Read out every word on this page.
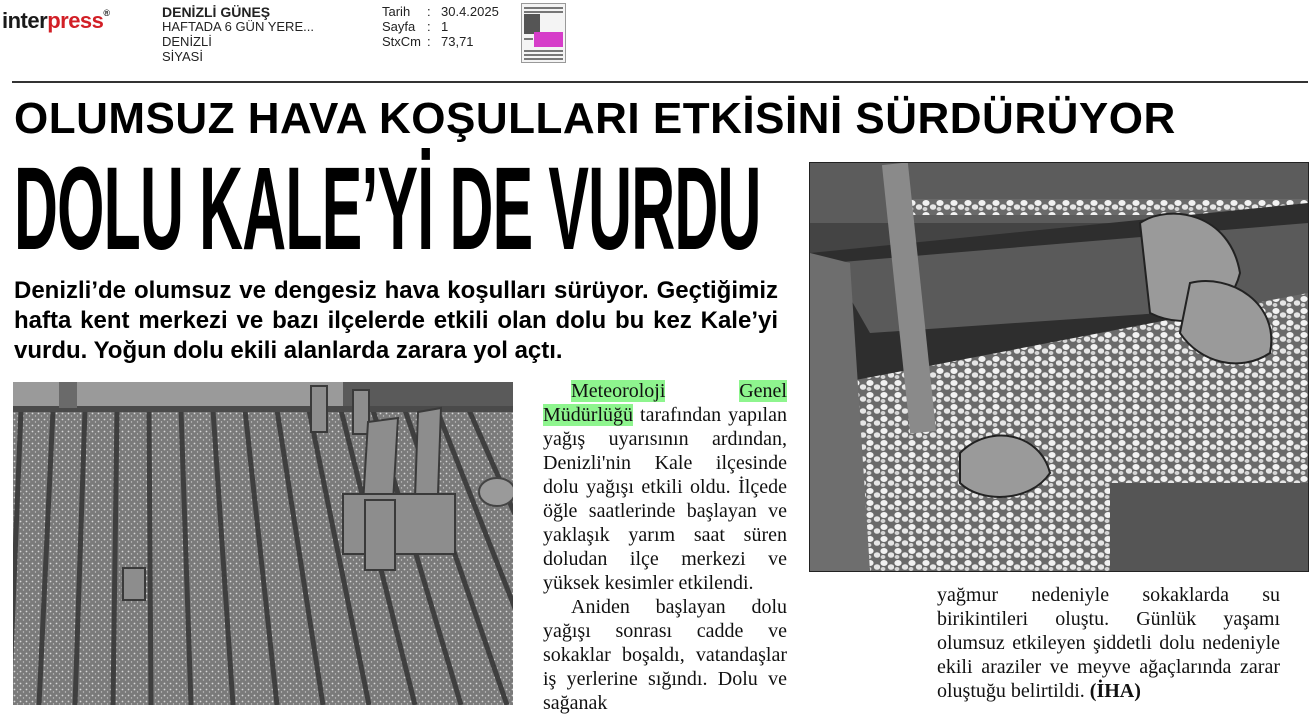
interpress®	DENİZLİ GÜNEŞ
HAFTADA 6 GÜN YERE...
DENİZLİ
SİYASİ
Tarih : 30.4.2025
Sayfa : 1
StxCm : 73,71
OLUMSUZ HAVA KOŞULLARI ETKİSİNİ SÜRDÜRÜYOR
DOLU KALE’Yİ DE VURDU
Denizli’de olumsuz ve dengesiz hava koşulları sürüyor. Geçtiğimiz hafta kent merkezi ve bazı ilçelerde etkili olan dolu bu kez Kale’yi vurdu. Yoğun dolu ekili alanlarda zarara yol açtı.

Meteoroloji	Genel Müdürlüğü tarafından yapılan yağış uyarısının ardından, Denizli'nin Kale ilçesinde dolu yağışı etkili oldu. İlçede öğle saatlerinde başlayan ve yaklaşık yarım saat süren doludan ilçe merkezi ve yüksek kesimler etkilendi.

Aniden başlayan dolu yağışı sonrası cadde ve sokaklar boşaldı, vatandaşlar iş yerlerine sığındı. Dolu ve sağanak

yağmur nedeniyle sokaklarda su birikintileri oluştu. Günlük yaşamı olumsuz etkileyen şiddetli dolu nedeniyle ekili araziler ve meyve ağaçlarında zarar oluştuğu belirtildi. (İHA)
